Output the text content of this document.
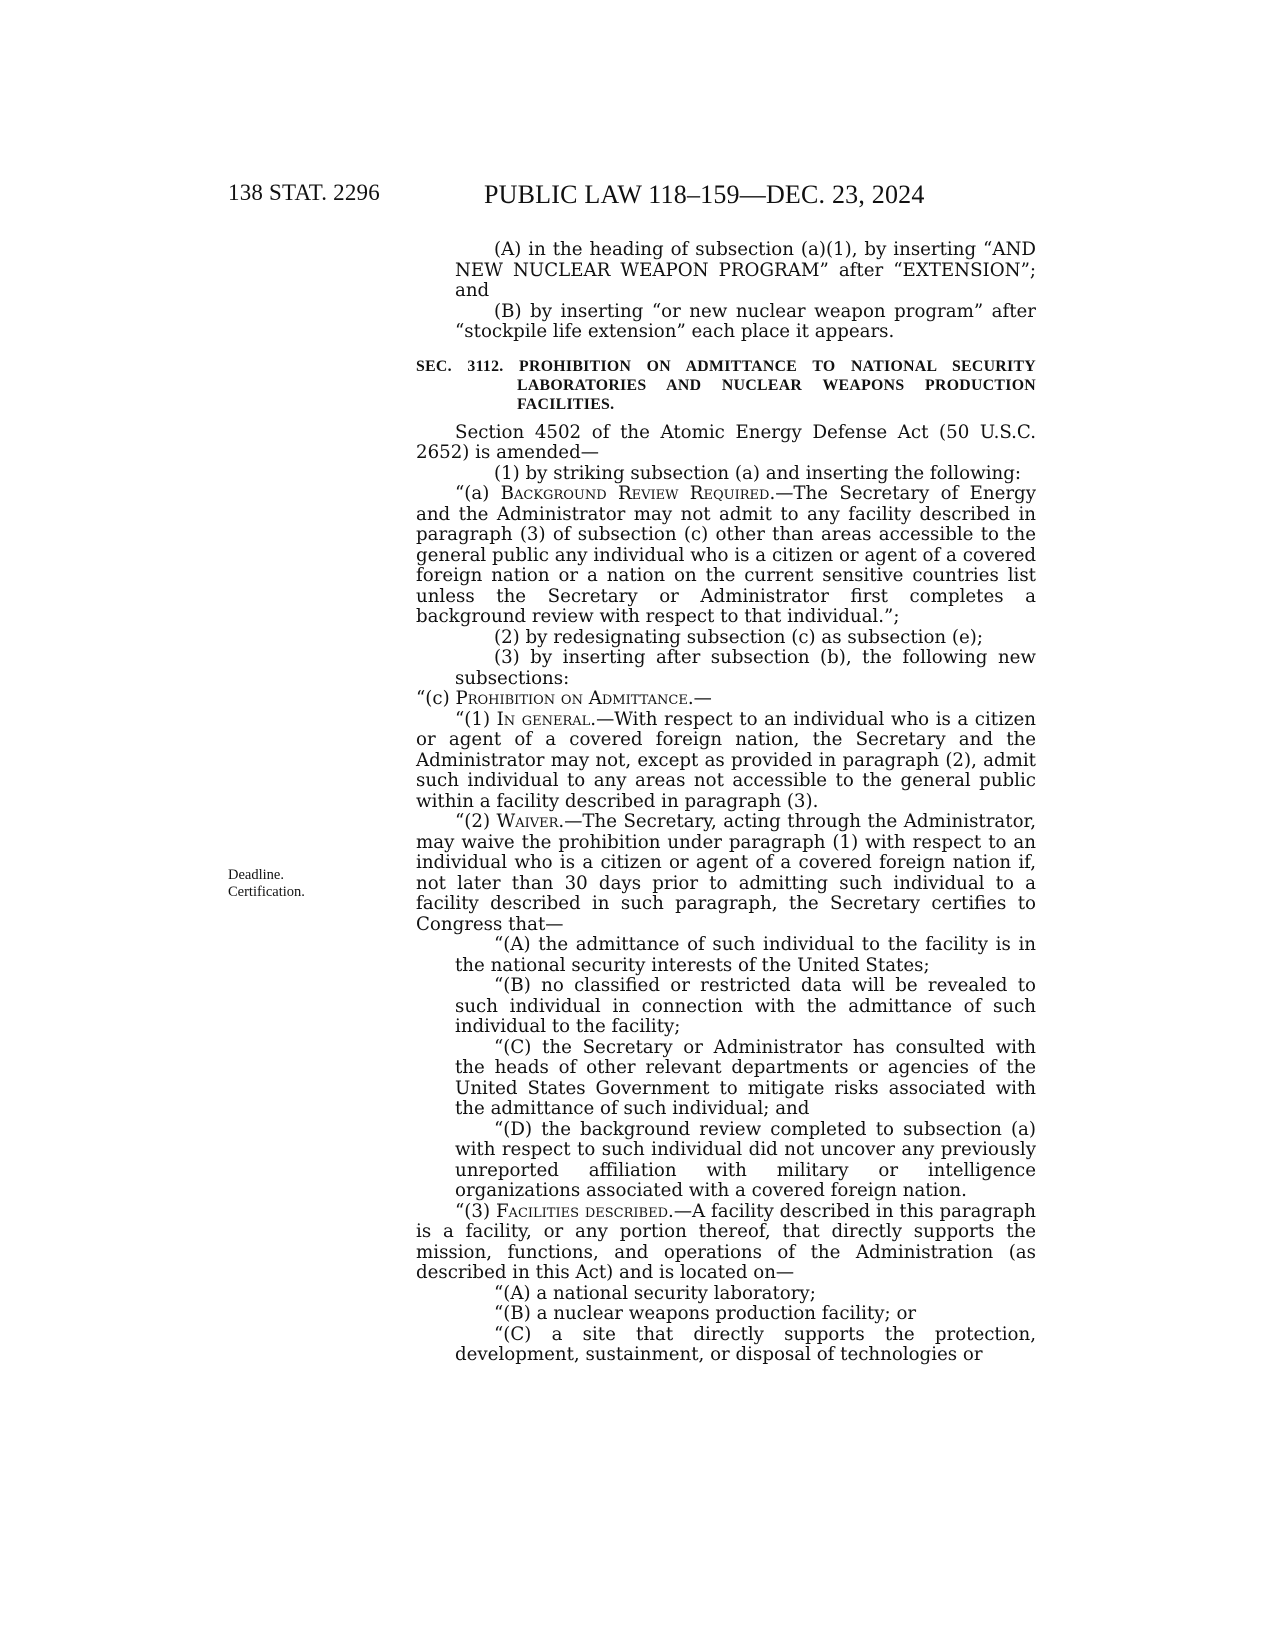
138 STAT. 2296	PUBLIC LAW 118–159—DEC. 23, 2024
Deadline.
Certification.

(A) in the heading of subsection (a)(1), by inserting “AND NEW NUCLEAR WEAPON PROGRAM” after “EXTENSION”; and

(B) by inserting “or new nuclear weapon program” after “stockpile life extension” each place it appears.

SEC. 3112. PROHIBITION ON ADMITTANCE TO NATIONAL SECURITY LABORATORIES AND NUCLEAR WEAPONS PRODUCTION FACILITIES.

Section 4502 of the Atomic Energy Defense Act (50 U.S.C. 2652) is amended—

(1) by striking subsection (a) and inserting the following:

“(a) Background Review Required.—The Secretary of Energy and the Administrator may not admit to any facility described in paragraph (3) of subsection (c) other than areas accessible to the general public any individual who is a citizen or agent of a covered foreign nation or a nation on the current sensitive countries list unless the Secretary or Administrator first completes a background review with respect to that individual.”;

(2) by redesignating subsection (c) as subsection (e);

(3) by inserting after subsection (b), the following new subsections:

“(c) Prohibition on Admittance.—

“(1) In general.—With respect to an individual who is a citizen or agent of a covered foreign nation, the Secretary and the Administrator may not, except as provided in paragraph (2), admit such individual to any areas not accessible to the general public within a facility described in paragraph (3).

“(2) Waiver.—The Secretary, acting through the Administrator, may waive the prohibition under paragraph (1) with respect to an individual who is a citizen or agent of a covered foreign nation if, not later than 30 days prior to admitting such individual to a facility described in such paragraph, the Secretary certifies to Congress that—

“(A) the admittance of such individual to the facility is in the national security interests of the United States;

“(B) no classified or restricted data will be revealed to such individual in connection with the admittance of such individual to the facility;

“(C) the Secretary or Administrator has consulted with the heads of other relevant departments or agencies of the United States Government to mitigate risks associated with the admittance of such individual; and

“(D) the background review completed to subsection (a) with respect to such individual did not uncover any previously unreported affiliation with military or intelligence organizations associated with a covered foreign nation.

“(3) Facilities described.—A facility described in this paragraph is a facility, or any portion thereof, that directly supports the mission, functions, and operations of the Administration (as described in this Act) and is located on—

“(A) a national security laboratory;

“(B) a nuclear weapons production facility; or

“(C) a site that directly supports the protection, development, sustainment, or disposal of technologies or
